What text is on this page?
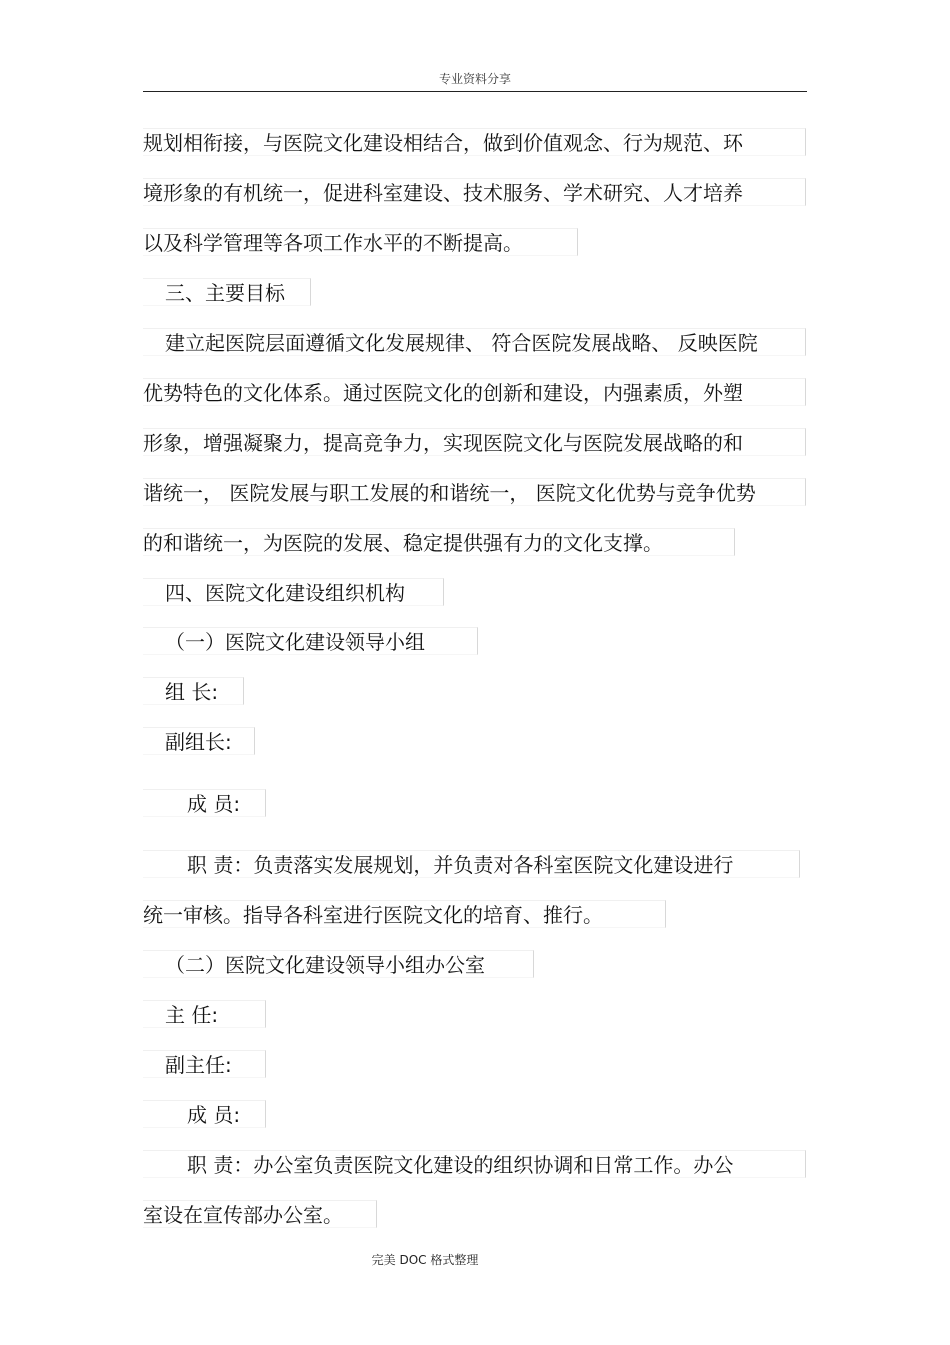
专业资料分享
规划相衔接，与医院文化建设相结合，做到价值观念、行为规范、环
境形象的有机统一，促进科室建设、技术服务、学术研究、人才培养
以及科学管理等各项工作水平的不断提高。
三、主要目标
建立起医院层面遵循文化发展规律、 符合医院发展战略、 反映医院
优势特色的文化体系。通过医院文化的创新和建设，内强素质，外塑
形象，增强凝聚力，提高竞争力，实现医院文化与医院发展战略的和
谐统一， 医院发展与职工发展的和谐统一， 医院文化优势与竞争优势
的和谐统一，为医院的发展、稳定提供强有力的文化支撑。
四、医院文化建设组织机构
（一）医院文化建设领导小组
组 长:
副组长:
成 员:
职 责：负责落实发展规划，并负责对各科室医院文化建设进行
统一审核。指导各科室进行医院文化的培育、推行。
（二）医院文化建设领导小组办公室
主 任:
副主任:
成 员:
职 责：办公室负责医院文化建设的组织协调和日常工作。办公
室设在宣传部办公室。
完美 DOC 格式整理
